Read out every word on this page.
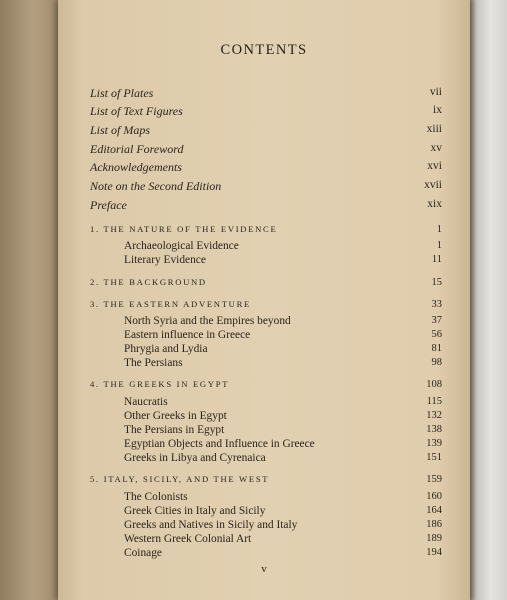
CONTENTS
List of Plates	vii
List of Text Figures	ix
List of Maps	xiii
Editorial Foreword	xv
Acknowledgements	xvi
Note on the Second Edition	xvii
Preface	xix
1. THE NATURE OF THE EVIDENCE	1
Archaeological Evidence	1
Literary Evidence	11
2. THE BACKGROUND	15
3. THE EASTERN ADVENTURE	33
North Syria and the Empires beyond	37
Eastern influence in Greece	56
Phrygia and Lydia	81
The Persians	98
4. THE GREEKS IN EGYPT	108
Naucratis	115
Other Greeks in Egypt	132
The Persians in Egypt	138
Egyptian Objects and Influence in Greece	139
Greeks in Libya and Cyrenaica	151
5. ITALY, SICILY, AND THE WEST	159
The Colonists	160
Greek Cities in Italy and Sicily	164
Greeks and Natives in Sicily and Italy	186
Western Greek Colonial Art	189
Coinage	194
v
